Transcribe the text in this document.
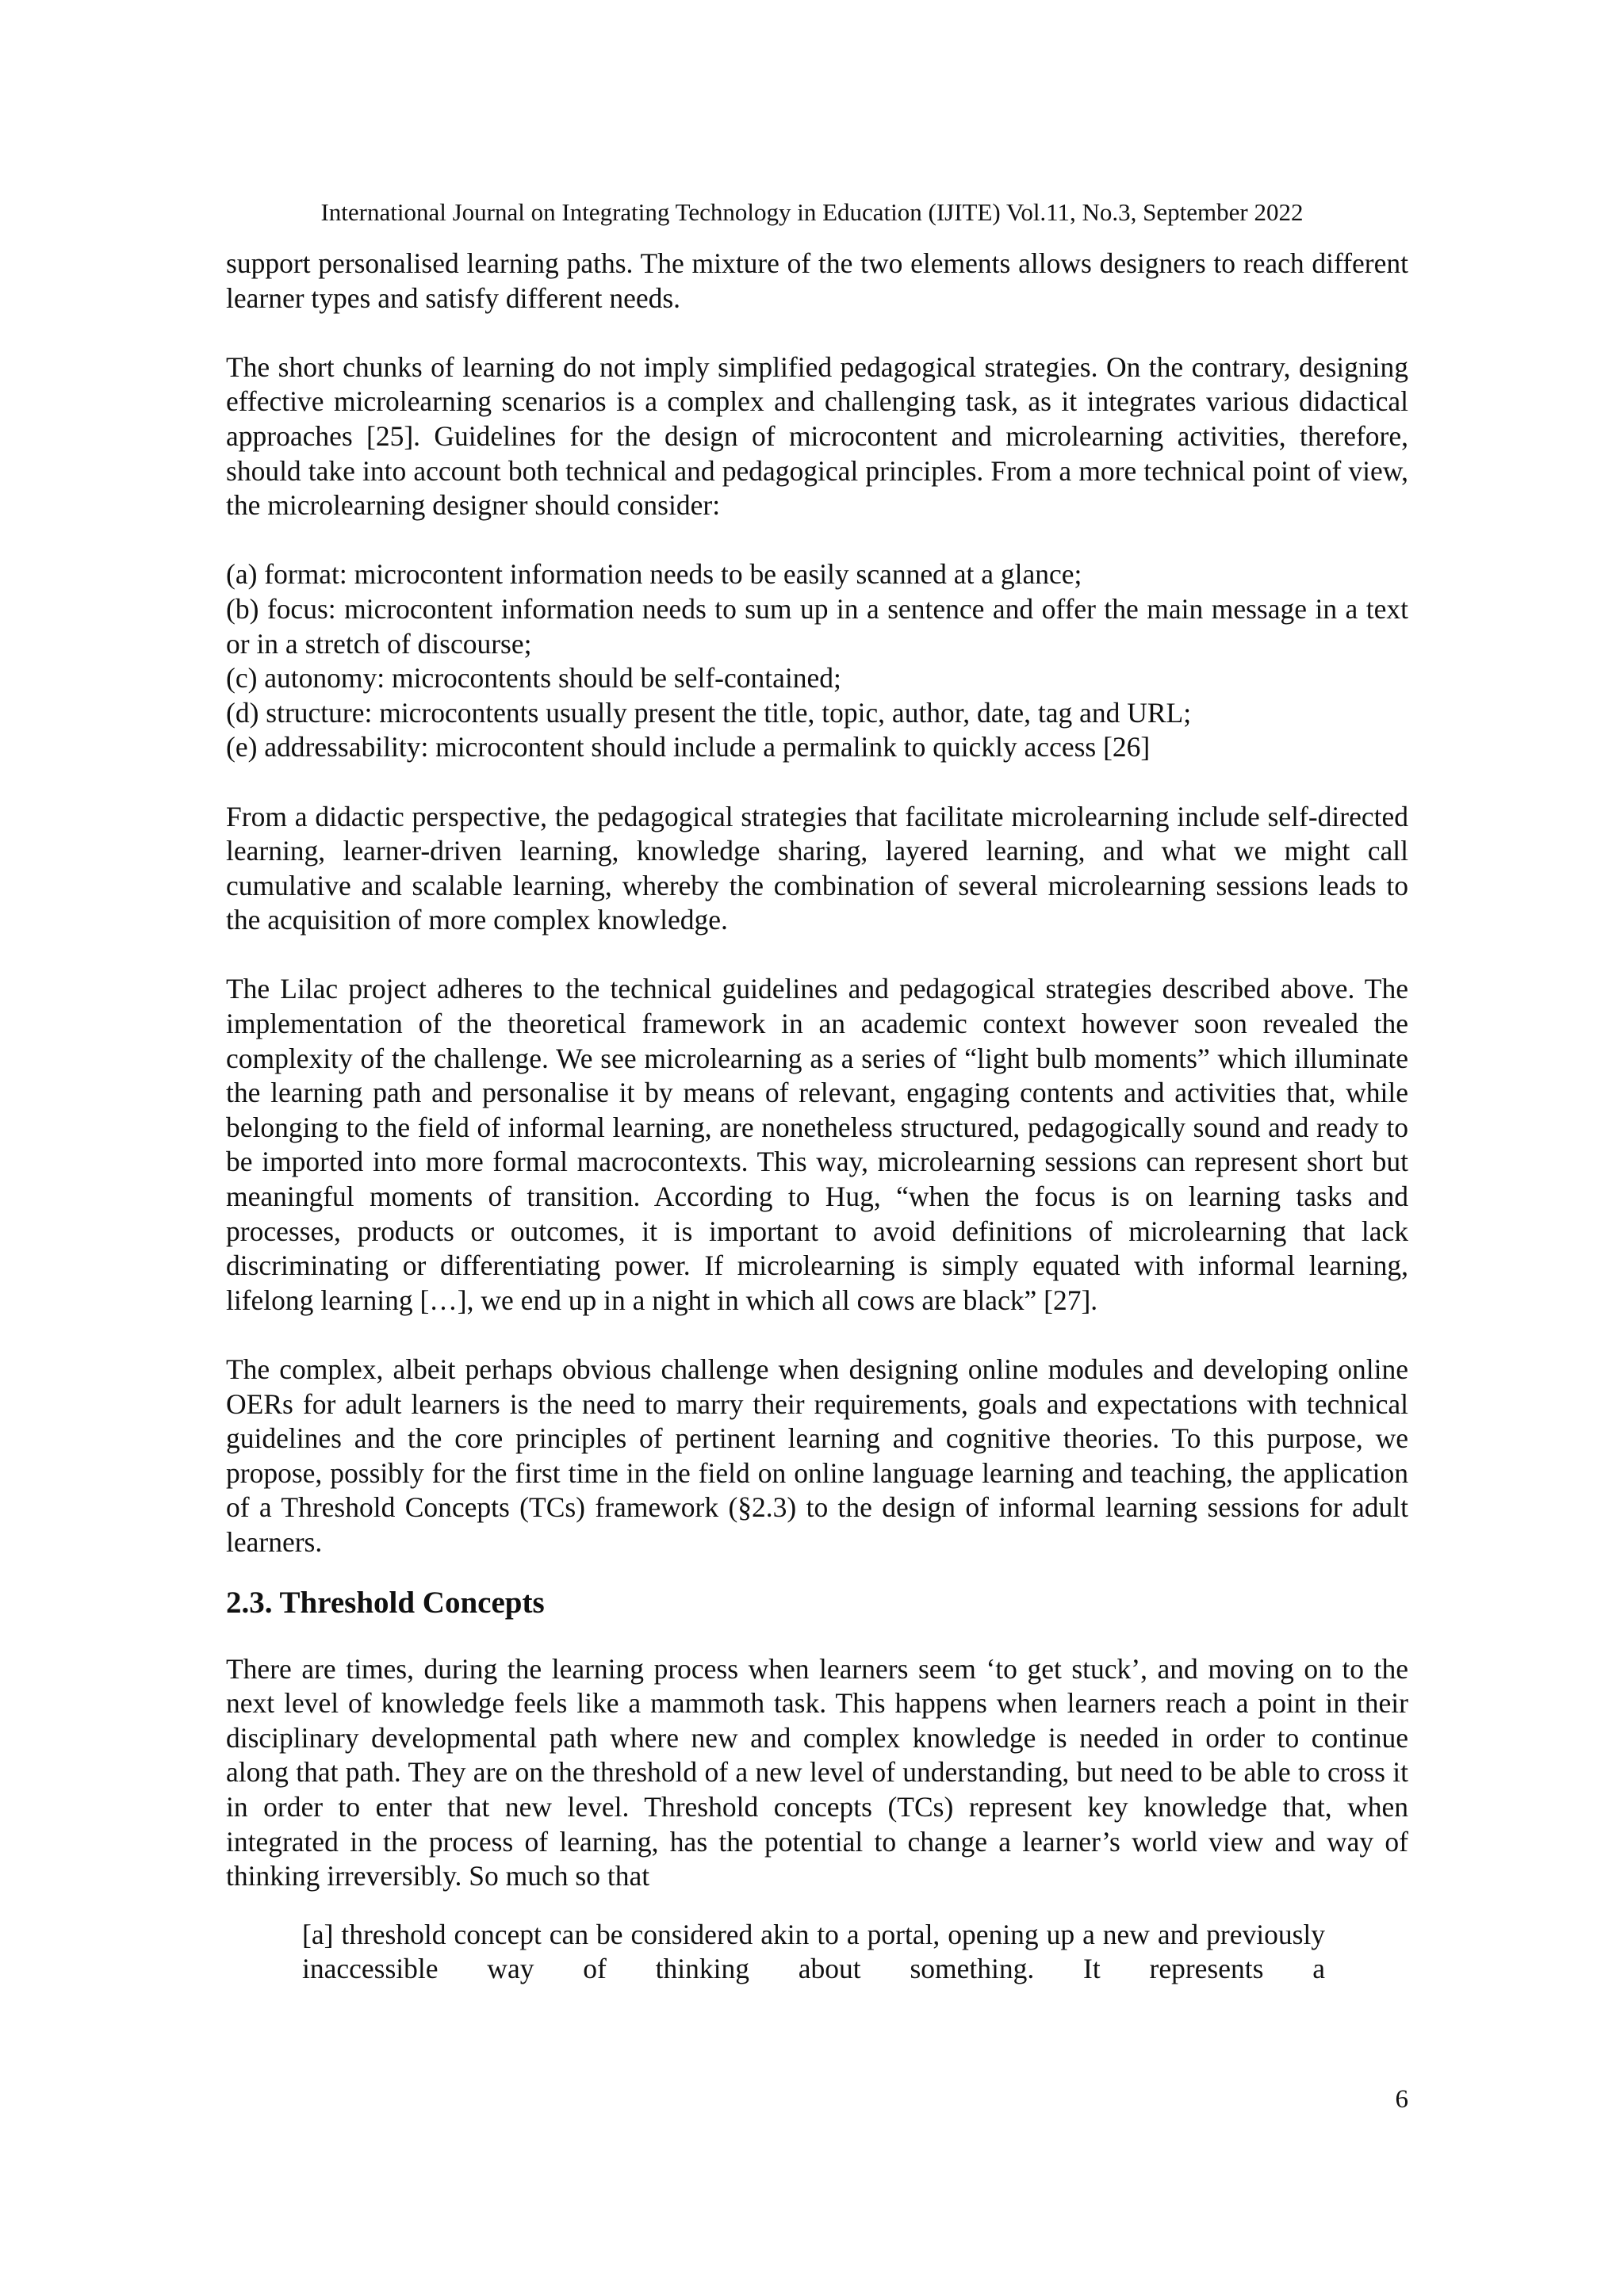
International Journal on Integrating Technology in Education (IJITE) Vol.11, No.3, September 2022

support personalised learning paths. The mixture of the two elements allows designers to reach different learner types and satisfy different needs.

The short chunks of learning do not imply simplified pedagogical strategies. On the contrary, designing effective microlearning scenarios is a complex and challenging task, as it integrates various didactical approaches [25]. Guidelines for the design of microcontent and microlearning activities, therefore, should take into account both technical and pedagogical principles. From a more technical point of view, the microlearning designer should consider:

(a) format: microcontent information needs to be easily scanned at a glance;

(b) focus: microcontent information needs to sum up in a sentence and offer the main message in a text or in a stretch of discourse;

(c) autonomy: microcontents should be self-contained;

(d) structure: microcontents usually present the title, topic, author, date, tag and URL;

(e) addressability: microcontent should include a permalink to quickly access [26]

From a didactic perspective, the pedagogical strategies that facilitate microlearning include self-directed learning, learner-driven learning, knowledge sharing, layered learning, and what we might call cumulative and scalable learning, whereby the combination of several microlearning sessions leads to the acquisition of more complex knowledge.

The Lilac project adheres to the technical guidelines and pedagogical strategies described above. The implementation of the theoretical framework in an academic context however soon revealed the complexity of the challenge. We see microlearning as a series of “light bulb moments” which illuminate the learning path and personalise it by means of relevant, engaging contents and activities that, while belonging to the field of informal learning, are nonetheless structured, pedagogically sound and ready to be imported into more formal macrocontexts. This way, microlearning sessions can represent short but meaningful moments of transition. According to Hug, “when the focus is on learning tasks and processes, products or outcomes, it is important to avoid definitions of microlearning that lack discriminating or differentiating power. If microlearning is simply equated with informal learning, lifelong learning […], we end up in a night in which all cows are black” [27].

The complex, albeit perhaps obvious challenge when designing online modules and developing online OERs for adult learners is the need to marry their requirements, goals and expectations with technical guidelines and the core principles of pertinent learning and cognitive theories. To this purpose, we propose, possibly for the first time in the field on online language learning and teaching, the application of a Threshold Concepts (TCs) framework (§2.3) to the design of informal learning sessions for adult learners.

2.3. Threshold Concepts

There are times, during the learning process when learners seem ‘to get stuck’, and moving on to the next level of knowledge feels like a mammoth task. This happens when learners reach a point in their disciplinary developmental path where new and complex knowledge is needed in order to continue along that path. They are on the threshold of a new level of understanding, but need to be able to cross it in order to enter that new level. Threshold concepts (TCs) represent key knowledge that, when integrated in the process of learning, has the potential to change a learner’s world view and way of thinking irreversibly. So much so that

[a] threshold concept can be considered akin to a portal, opening up a new and previously inaccessible way of thinking about something. It represents a

6
